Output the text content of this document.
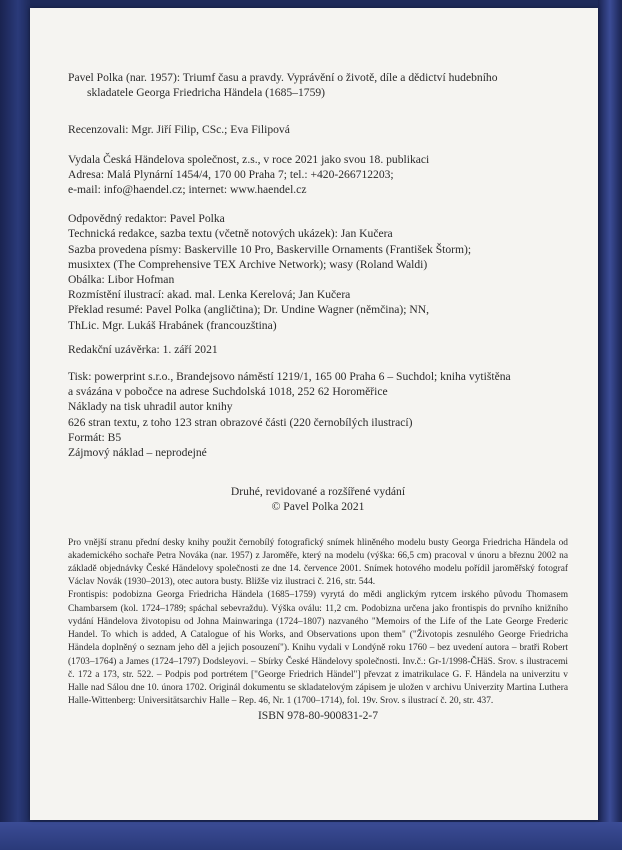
Pavel Polka (nar. 1957): Triumf času a pravdy. Vyprávění o životě, díle a dědictví hudebního

skladatele Georga Friedricha Händela (1685–1759)

Recenzovali: Mgr. Jiří Filip, CSc.; Eva Filipová

Vydala Česká Händelova společnost, z.s., v roce 2021 jako svou 18. publikaci

Adresa: Malá Plynární 1454/4, 170 00 Praha 7; tel.: +420-266712203;

e-mail: info@haendel.cz; internet: www.haendel.cz

Odpovědný redaktor: Pavel Polka

Technická redakce, sazba textu (včetně notových ukázek): Jan Kučera

Sazba provedena písmy: Baskerville 10 Pro, Baskerville Ornaments (František Štorm);

musixtex (The Comprehensive TEX Archive Network); wasy (Roland Waldi)

Obálka: Libor Hofman

Rozmístění ilustrací: akad. mal. Lenka Kerelová; Jan Kučera

Překlad resumé: Pavel Polka (angličtina); Dr. Undine Wagner (němčina); NN,

ThLic. Mgr. Lukáš Hrabánek (francouzština)

Redakční uzávěrka: 1. září 2021

Tisk: powerprint s.r.o., Brandejsovo náměstí 1219/1, 165 00 Praha 6 – Suchdol; kniha vytištěna

a svázána v pobočce na adrese Suchdolská 1018, 252 62 Horoměřice

Náklady na tisk uhradil autor knihy

626 stran textu, z toho 123 stran obrazové části (220 černobílých ilustrací)

Formát: B5

Zájmový náklad – neprodejné

Druhé, revidované a rozšířené vydání

© Pavel Polka 2021

Pro vnější stranu přední desky knihy použit černobílý fotografický snímek hliněného modelu busty Georga Friedricha Händela od akademického sochaře Petra Nováka (nar. 1957) z Jaroměře, který na modelu (výška: 66,5 cm) pracoval v únoru a březnu 2002 na základě objednávky České Händelovy společnosti ze dne 14. července 2001. Snímek hotového modelu pořídil jaroměřský fotograf Václav Novák (1930–2013), otec autora busty. Bližše viz ilustraci č. 216, str. 544.

Frontispis: podobizna Georga Friedricha Händela (1685–1759) vyrytá do mědi anglickým rytcem irského původu Thomasem Chambarsem (kol. 1724–1789; spáchal sebevraždu). Výška oválu: 11,2 cm. Podobizna určena jako frontispis do prvního knižního vydání Händelova životopisu od Johna Mainwaringa (1724–1807) nazvaného "Memoirs of the Life of the Late George Frederic Handel. To which is added, A Catalogue of his Works, and Observations upon them" ("Životopis zesnulého George Friedricha Händela doplněný o seznam jeho děl a jejich posouzení"). Knihu vydali v Londýně roku 1760 – bez uvedení autora – bratři Robert (1703–1764) a James (1724–1797) Dodsleyovi. – Sbírky České Händelovy společnosti. Inv.č.: Gr-1/1998-ČHäS. Srov. s ilustracemi č. 172 a 173, str. 522. – Podpis pod portrétem ["George Friedrich Händel"] převzat z imatrikulace G. F. Händela na univerzitu v Halle nad Sálou dne 10. února 1702. Originál dokumentu se skladatelovým zápisem je uložen v archivu Univerzity Martina Luthera Halle-Wittenberg: Universitätsarchiv Halle – Rep. 46, Nr. 1 (1700–1714), fol. 19v. Srov. s ilustrací č. 20, str. 437.

ISBN 978-80-900831-2-7
